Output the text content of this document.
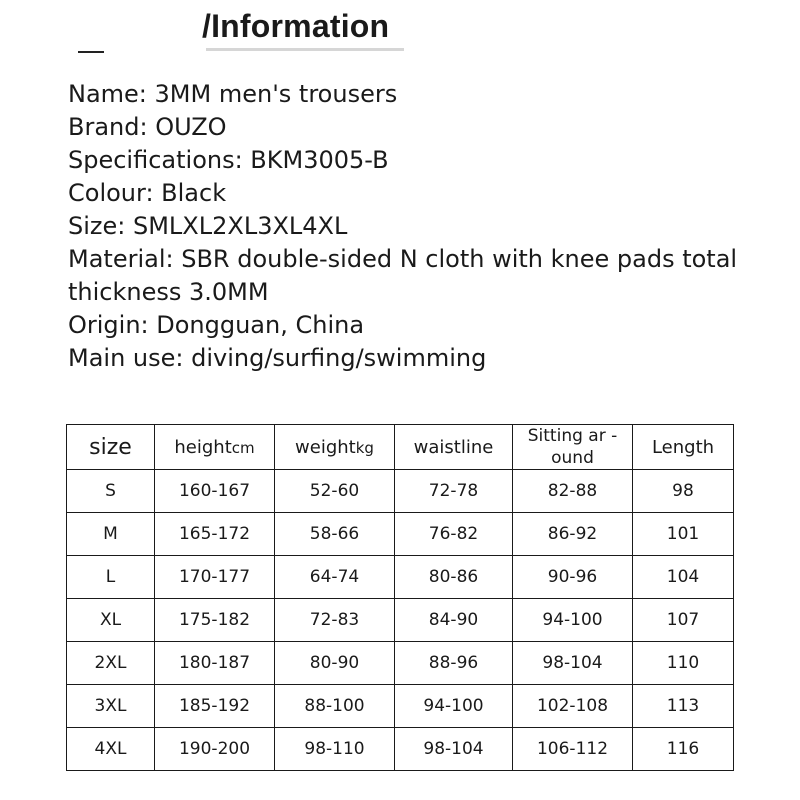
/Information
Name: 3MM men's trousers
Brand: OUZO
Specifications: BKM3005-B
Colour: Black
Size: SMLXL2XL3XL4XL
Material: SBR double-sided N cloth with knee pads total thickness 3.0MM
Origin: Dongguan, China
Main use: diving/surfing/swimming
size	heightcm	weightkg	waistline	Sitting ar -ound	Length
S	160-167	52-60	72-78	82-88	98
M	165-172	58-66	76-82	86-92	101
L	170-177	64-74	80-86	90-96	104
XL	175-182	72-83	84-90	94-100	107
2XL	180-187	80-90	88-96	98-104	110
3XL	185-192	88-100	94-100	102-108	113
4XL	190-200	98-110	98-104	106-112	116
